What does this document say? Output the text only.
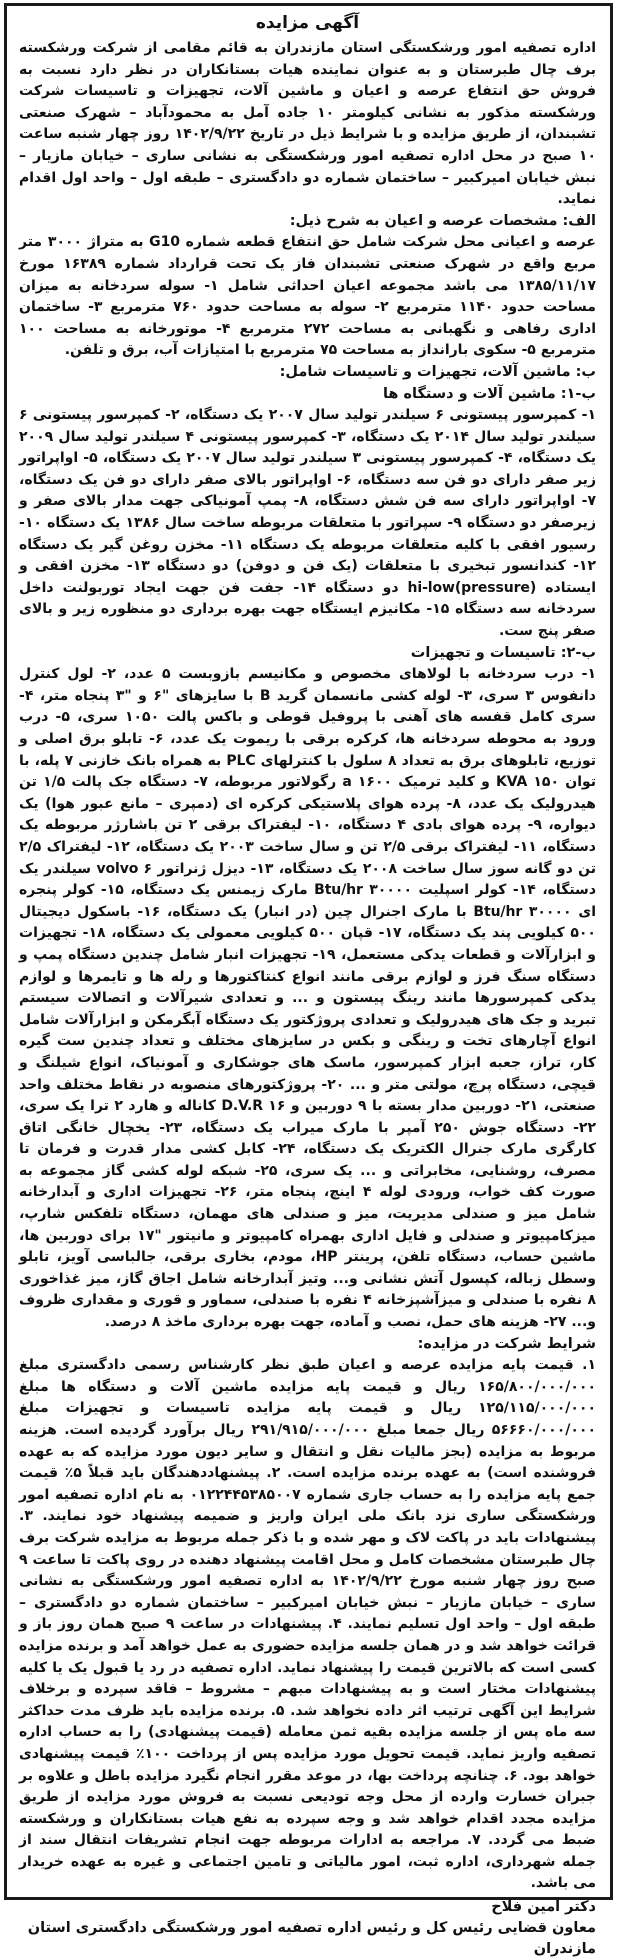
آگهی مزایده

اداره تصفیه امور ورشکستگی استان مازندران به قائم مقامی از شرکت ورشکسته برف چال طبرستان و به عنوان نماینده هیات بستانکاران در نظر دارد نسبت به فروش حق انتفاع عرصه و اعیان و ماشین آلات، تجهیزات و تاسیسات شرکت ورشکسته مذکور به نشانی کیلومتر ۱۰ جاده آمل به محمودآباد – شهرک صنعتی تشبندان، از طریق مزایده و با شرایط ذیل در تاریخ ۱۴۰۲/۹/۲۲ روز چهار شنبه ساعت ۱۰ صبح در محل اداره تصفیه امور ورشکستگی به نشانی ساری – خیابان مازیار – نبش خیابان امیرکبیر – ساختمان شماره دو دادگستری – طبقه اول – واحد اول اقدام نماید.

الف: مشخصات عرصه و اعیان به شرح ذیل:

عرصه و اعیانی محل شرکت شامل حق انتفاع قطعه شماره G10 به متراژ ۳۰۰۰ متر مربع واقع در شهرک صنعتی تشبندان فاز یک تحت قرارداد شماره ۱۶۳۸۹ مورخ ۱۳۸۵/۱۱/۱۷ می باشد مجموعه اعیان احداثی شامل ۱- سوله سردخانه به میزان مساحت حدود ۱۱۴۰ مترمربع ۲- سوله به مساحت حدود ۷۶۰ مترمربع ۳- ساختمان اداری رفاهی و نگهبانی به مساحت ۲۷۲ مترمربع ۴- موتورخانه به مساحت ۱۰۰ مترمربع ۵- سکوی بارانداز به مساحت ۷۵ مترمربع با امتیازات آب، برق و تلفن.

ب: ماشین آلات، تجهیزات و تاسیسات شامل:
ب-۱: ماشین آلات و دستگاه ها

۱- کمپرسور پیستونی ۶ سیلندر تولید سال ۲۰۰۷ یک دستگاه، ۲- کمپرسور پیستونی ۶ سیلندر تولید سال ۲۰۱۴ یک دستگاه، ۳- کمپرسور پیستونی ۴ سیلندر تولید سال ۲۰۰۹ یک دستگاه، ۴- کمپرسور پیستونی ۳ سیلندر تولید سال ۲۰۰۷ یک دستگاه، ۵- اواپراتور زیر صفر دارای دو فن سه دستگاه، ۶- اواپراتور بالای صفر دارای دو فن یک دستگاه، ۷- اواپراتور دارای سه فن شش دستگاه، ۸- پمپ آمونیاکی جهت مدار بالای صفر و زیرصفر دو دستگاه ۹- سپراتور با متعلقات مربوطه ساخت سال ۱۳۸۶ یک دستگاه ۱۰- رسیور افقی با کلیه متعلقات مربوطه یک دستگاه ۱۱- مخزن روغن گیر یک دستگاه ۱۲- کندانسور تبخیری با متعلقات (یک فن و دوفن) دو دستگاه ۱۳- مخزن افقی و ایستاده (hi-low(pressure دو دستگاه ۱۴- جفت فن جهت ایجاد توربولنت داخل سردخانه سه دستگاه ۱۵- مکانیزم ایستگاه جهت بهره برداری دو منظوره زیر و بالای صفر پنج ست.

ب-۲: تاسیسات و تجهیزات

۱- درب سردخانه با لولاهای مخصوص و مکانیسم بازوبست ۵ عدد، ۲- لول کنترل دانفوس ۳ سری، ۳- لوله کشی مانسمان گرید B با سایزهای "۶ و "۳ پنجاه متر، ۴- سری کامل قفسه های آهنی با پروفیل قوطی و باکس پالت ۱۰۵۰ سری، ۵- درب ورود به محوطه سردخانه ها، کرکره برقی با ریموت یک عدد، ۶- تابلو برق اصلی و توزیع، تابلوهای برق به تعداد ۸ سلول با کنترلهای PLC به همراه بانک خازنی ۷ پله، با توان KVA ۱۵۰ و کلید ترمیک a ۱۶۰۰ رگولاتور مربوطه، ۷- دستگاه جک پالت ۱/۵ تن هیدرولیک یک عدد، ۸- پرده هوای پلاستیکی کرکره ای (دمپری – مانع عبور هوا) یک دیواره، ۹- پرده هوای بادی ۴ دستگاه، ۱۰- لیفتراک برقی ۲ تن باشارژر مربوطه یک دستگاه، ۱۱- لیفتراک برقی ۲/۵ تن و سال ساخت ۲۰۰۳ یک دستگاه، ۱۲- لیفتراک ۲/۵ تن دو گانه سوز سال ساخت ۲۰۰۸ یک دستگاه، ۱۳- دیزل ژنراتور volvo ۶ سیلندر یک دستگاه، ۱۴- کولر اسپلیت Btu/hr ۳۰۰۰۰ مارک زیمنس یک دستگاه، ۱۵- کولر پنجره ای Btu/hr ۳۰۰۰۰ با مارک اجنرال چین (در انبار) یک دستگاه، ۱۶- باسکول دیجیتال ۵۰۰ کیلویی پند یک دستگاه، ۱۷- قپان ۵۰۰ کیلویی معمولی یک دستگاه، ۱۸- تجهیزات و ابزارآلات و قطعات یدکی مستعمل، ۱۹- تجهیزات انبار شامل چندین دستگاه پمپ و دستگاه سنگ فرز و لوازم برقی مانند انواع کنتاکتورها و رله ها و تایمرها و لوازم یدکی کمپرسورها مانند رینگ پیستون و ... و تعدادی شیرآلات و اتصالات سیستم تبرید و جک های هیدرولیک و تعدادی پروژکتور یک دستگاه آبگرمکن و ابزارآلات شامل انواع آچارهای تخت و رینگی و بکس در سایزهای مختلف و تعداد چندین ست گیره کار، تراز، جعبه ابزار کمپرسور، ماسک های جوشکاری و آمونیاک، انواع شیلنگ و قیچی، دستگاه پرچ، مولتی متر و ... ۲۰- پروژکتورهای منصوبه در نقاط مختلف واحد صنعتی، ۲۱- دوربین مدار بسته با ۹ دوربین و D.V.R ۱۶ کاناله و هارد ۲ ترا یک سری، ۲۲- دستگاه جوش ۲۵۰ آمپر با مارک میراب یک دستگاه، ۲۳- یخچال خانگی اتاق کارگری مارک جنرال الکتریک یک دستگاه، ۲۴- کابل کشی مدار قدرت و فرمان تا مصرف، روشنایی، مخابراتی و ... یک سری، ۲۵- شبکه لوله کشی گاز مجموعه به صورت کف خواب، ورودی لوله ۴ اینچ، پنجاه متر، ۲۶- تجهیزات اداری و آبدارخانه شامل میز و صندلی مدیریت، میز و صندلی های مهمان، دستگاه تلفکس شارپ، میزکامپیوتر و صندلی و فایل اداری بهمراه کامپیوتر و مانیتور "۱۷ برای دوربین ها، ماشین حساب، دستگاه تلفن، پرینتر HP، مودم، بخاری برقی، جالباسی آویز، تابلو وسطل زباله، کپسول آتش نشانی و... وتیز آبدارخانه شامل اجاق گاز، میز غذاخوری ۸ نفره با صندلی و میزآشپزخانه ۴ نفره با صندلی، سماور و قوری و مقداری ظروف و... ۲۷- هزینه های حمل، نصب و آماده، جهت بهره برداری ماخذ ۸ درصد.

شرایط شرکت در مزایده:

۱. قیمت پایه مزایده عرصه و اعیان طبق نظر کارشناس رسمی دادگستری مبلغ ۱۶۵/۸۰۰/۰۰۰/۰۰۰ ریال و قیمت پایه مزایده ماشین آلات و دستگاه ها مبلغ ۱۲۵/۱۱۵/۰۰۰/۰۰۰ ریال و قیمت پایه مزایده تاسیسات و تجهیزات مبلغ ۵۶۶۶۰/۰۰۰/۰۰۰ ریال جمعا مبلغ ۲۹۱/۹۱۵/۰۰۰/۰۰۰ ریال برآورد گردیده است. هزینه مربوط به مزایده (بجز مالیات نقل و انتقال و سایر دیون مورد مزایده که به عهده فروشنده است) به عهده برنده مزایده است. ۲. پیشنهاددهندگان باید قبلاً ۵٪ قیمت جمع پایه مزایده را به حساب جاری شماره ۰۱۲۲۴۴۵۳۸۵۰۰۷ به نام اداره تصفیه امور ورشکستگی ساری نزد بانک ملی ایران واریز و ضمیمه پیشنهاد خود نمایند. ۳. پیشنهادات باید در پاکت لاک و مهر شده و با ذکر جمله مربوط به مزایده شرکت برف چال طبرستان مشخصات کامل و محل اقامت پیشنهاد دهنده در روی پاکت تا ساعت ۹ صبح روز چهار شنبه مورخ ۱۴۰۲/۹/۲۲ به اداره تصفیه امور ورشکستگی به نشانی ساری – خیابان مازیار – نبش خیابان امیرکبیر – ساختمان شماره دو دادگستری – طبقه اول – واحد اول تسلیم نمایند. ۴. پیشنهادات در ساعت ۹ صبح همان روز باز و قرائت خواهد شد و در همان جلسه مزایده حضوری به عمل خواهد آمد و برنده مزایده کسی است که بالاترین قیمت را پیشنهاد نماید. اداره تصفیه در رد یا قبول یک یا کلیه پیشنهادات مختار است و به پیشنهادات مبهم – مشروط – فاقد سپرده و برخلاف شرایط این آگهی ترتیب اثر داده نخواهد شد. ۵. برنده مزایده باید ظرف مدت حداکثر سه ماه پس از جلسه مزایده بقیه ثمن معامله (قیمت پیشنهادی) را به حساب اداره تصفیه واریز نماید. قیمت تحویل مورد مزایده پس از پرداخت ۱۰۰٪ قیمت پیشنهادی خواهد بود. ۶. چنانچه پرداخت بها، در موعد مقرر انجام نگیرد مزایده باطل و علاوه بر جبران خسارت وارده از محل وجه تودیعی نسبت به فروش مورد مزایده از طریق مزایده مجدد اقدام خواهد شد و وجه سپرده به نفع هیات بستانکاران و ورشکسته ضبط می گردد. ۷. مراجعه به ادارات مربوطه جهت انجام تشریفات انتقال سند از جمله شهرداری، اداره ثبت، امور مالیاتی و تامین اجتماعی و غیره به عهده خریدار می باشد.

دکتر امین فلاح
معاون قضایی رئیس کل و رئیس اداره تصفیه امور ورشکستگی دادگستری استان مازندران
